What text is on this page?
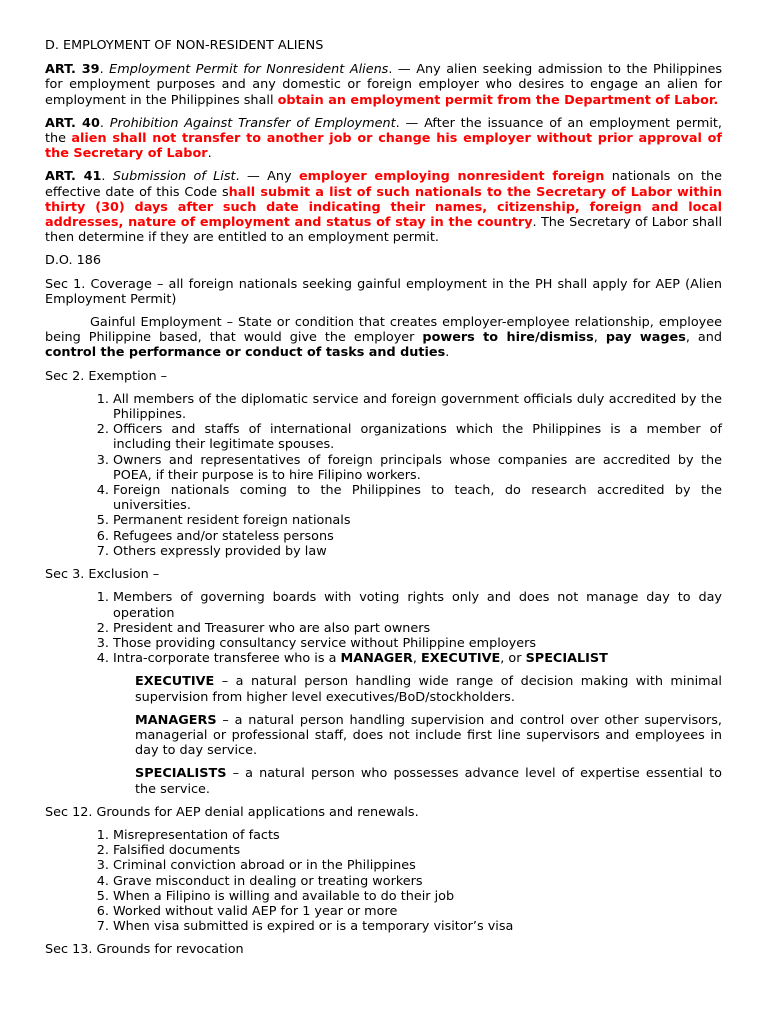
D. EMPLOYMENT OF NON-RESIDENT ALIENS

ART. 39. Employment Permit for Nonresident Aliens. — Any alien seeking admission to the Philippines for employment purposes and any domestic or foreign employer who desires to engage an alien for employment in the Philippines shall obtain an employment permit from the Department of Labor.

ART. 40. Prohibition Against Transfer of Employment. — After the issuance of an employment permit, the alien shall not transfer to another job or change his employer without prior approval of the Secretary of Labor.

ART. 41. Submission of List. — Any employer employing nonresident foreign nationals on the effective date of this Code shall submit a list of such nationals to the Secretary of Labor within thirty (30) days after such date indicating their names, citizenship, foreign and local addresses, nature of employment and status of stay in the country. The Secretary of Labor shall then determine if they are entitled to an employment permit.

D.O. 186

Sec 1. Coverage – all foreign nationals seeking gainful employment in the PH shall apply for AEP (Alien Employment Permit)

Gainful Employment – State or condition that creates employer-employee relationship, employee being Philippine based, that would give the employer powers to hire/dismiss, pay wages, and control the performance or conduct of tasks and duties.

Sec 2. Exemption –

1. All members of the diplomatic service and foreign government officials duly accredited by the Philippines.
2. Officers and staffs of international organizations which the Philippines is a member of including their legitimate spouses.
3. Owners and representatives of foreign principals whose companies are accredited by the POEA, if their purpose is to hire Filipino workers.
4. Foreign nationals coming to the Philippines to teach, do research accredited by the universities.
5. Permanent resident foreign nationals
6. Refugees and/or stateless persons
7. Others expressly provided by law

Sec 3. Exclusion –

1. Members of governing boards with voting rights only and does not manage day to day operation
2. President and Treasurer who are also part owners
3. Those providing consultancy service without Philippine employers
4. Intra-corporate transferee who is a MANAGER, EXECUTIVE, or SPECIALIST

EXECUTIVE – a natural person handling wide range of decision making with minimal supervision from higher level executives/BoD/stockholders.

MANAGERS – a natural person handling supervision and control over other supervisors, managerial or professional staff, does not include first line supervisors and employees in day to day service.

SPECIALISTS – a natural person who possesses advance level of expertise essential to the service.

Sec 12. Grounds for AEP denial applications and renewals.

1. Misrepresentation of facts
2. Falsified documents
3. Criminal conviction abroad or in the Philippines
4. Grave misconduct in dealing or treating workers
5. When a Filipino is willing and available to do their job
6. Worked without valid AEP for 1 year or more
7. When visa submitted is expired or is a temporary visitor’s visa

Sec 13. Grounds for revocation
